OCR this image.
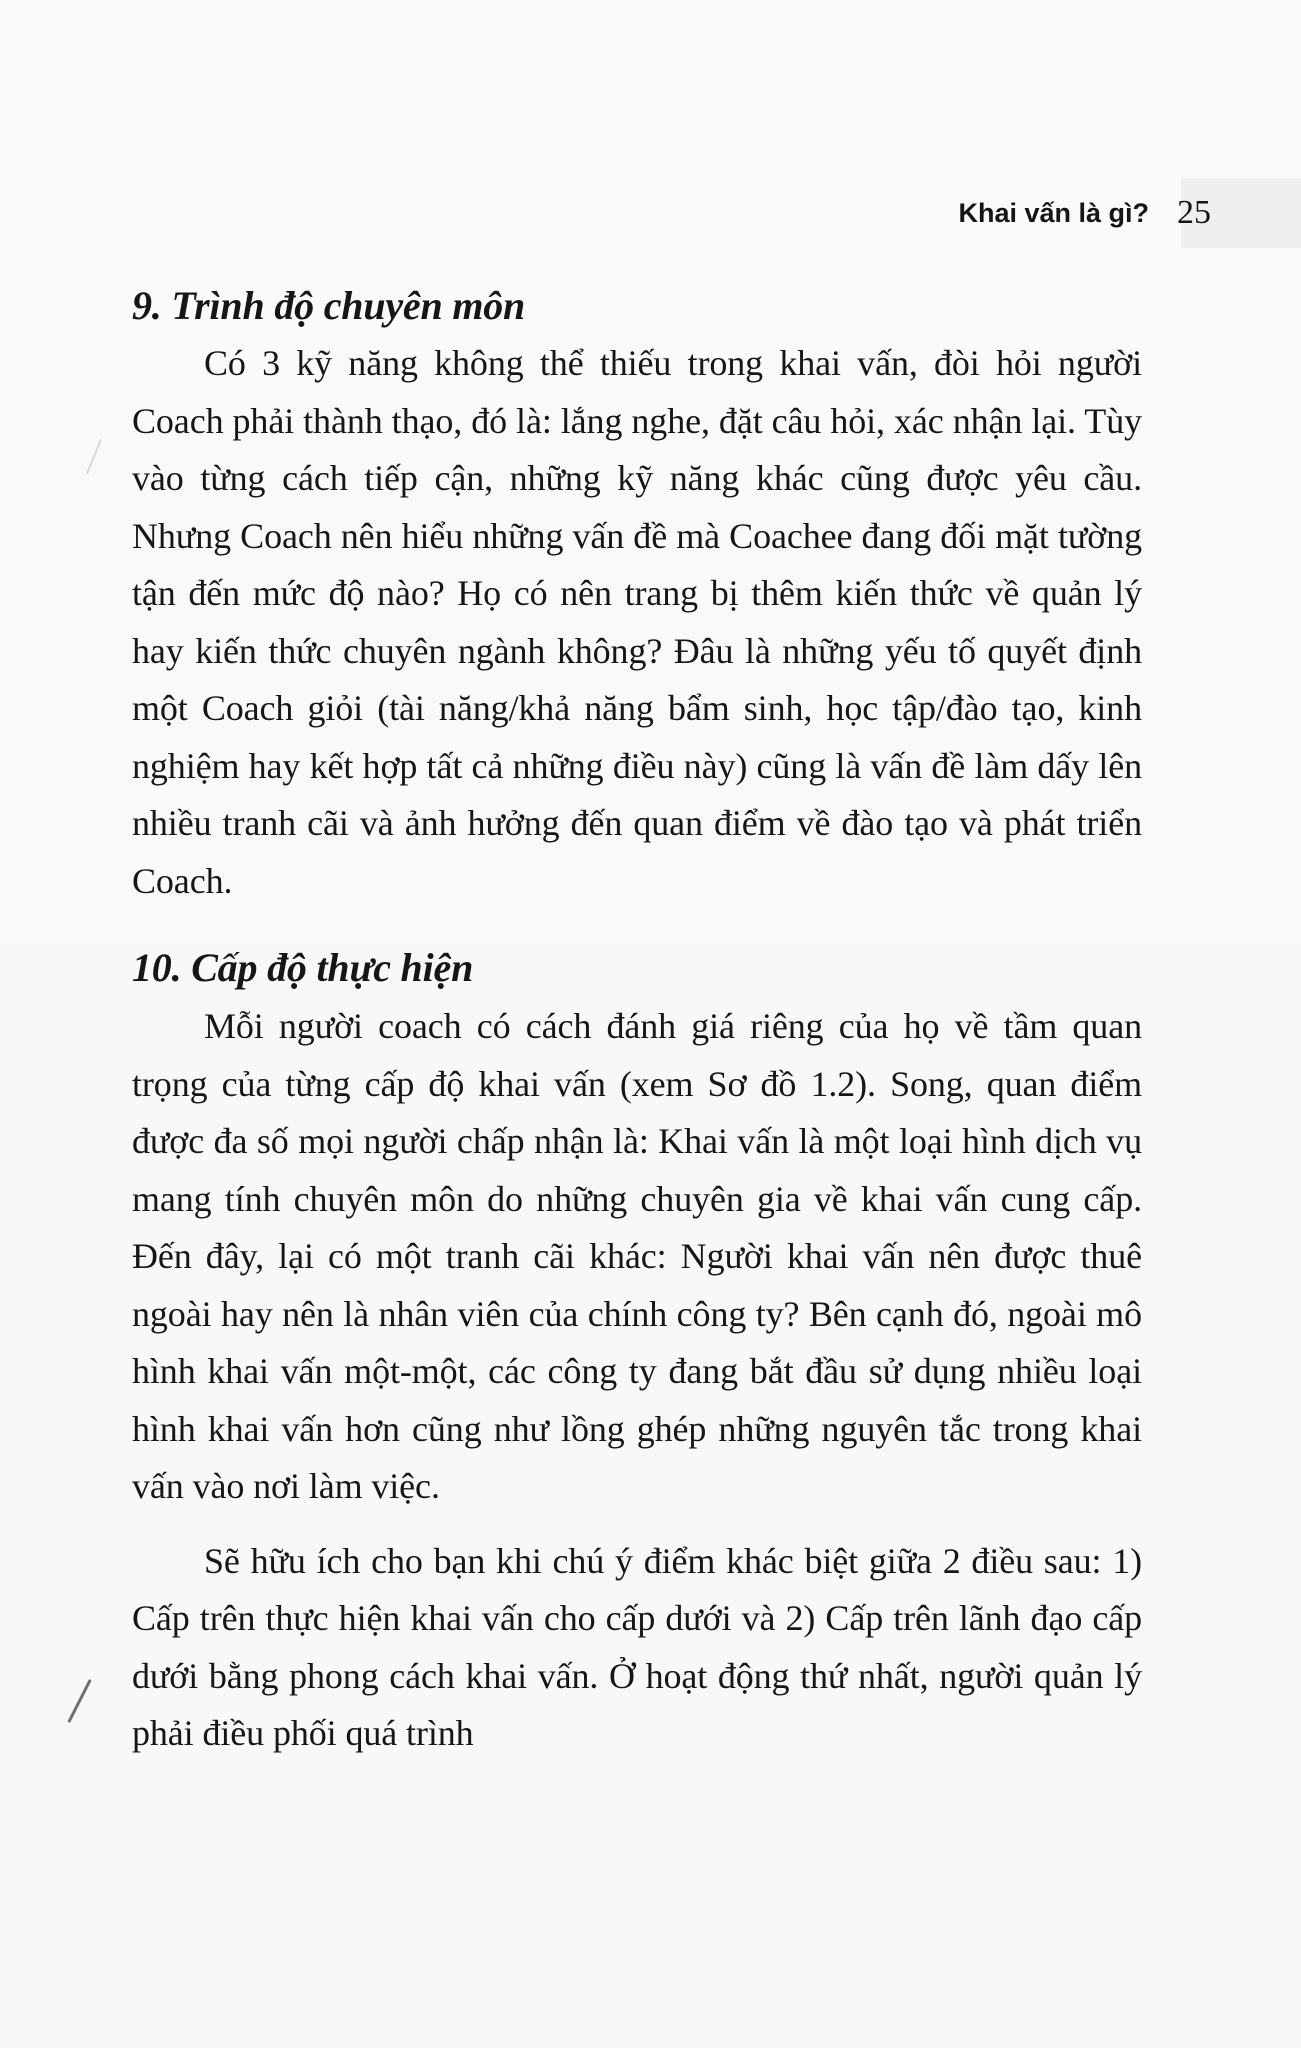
Khai vấn là gì? 25
9. Trình độ chuyên môn

Có 3 kỹ năng không thể thiếu trong khai vấn, đòi hỏi người Coach phải thành thạo, đó là: lắng nghe, đặt câu hỏi, xác nhận lại. Tùy vào từng cách tiếp cận, những kỹ năng khác cũng được yêu cầu. Nhưng Coach nên hiểu những vấn đề mà Coachee đang đối mặt tường tận đến mức độ nào? Họ có nên trang bị thêm kiến thức về quản lý hay kiến thức chuyên ngành không? Đâu là những yếu tố quyết định một Coach giỏi (tài năng/khả năng bẩm sinh, học tập/đào tạo, kinh nghiệm hay kết hợp tất cả những điều này) cũng là vấn đề làm dấy lên nhiều tranh cãi và ảnh hưởng đến quan điểm về đào tạo và phát triển Coach.

10. Cấp độ thực hiện

Mỗi người coach có cách đánh giá riêng của họ về tầm quan trọng của từng cấp độ khai vấn (xem Sơ đồ 1.2). Song, quan điểm được đa số mọi người chấp nhận là: Khai vấn là một loại hình dịch vụ mang tính chuyên môn do những chuyên gia về khai vấn cung cấp. Đến đây, lại có một tranh cãi khác: Người khai vấn nên được thuê ngoài hay nên là nhân viên của chính công ty? Bên cạnh đó, ngoài mô hình khai vấn một-một, các công ty đang bắt đầu sử dụng nhiều loại hình khai vấn hơn cũng như lồng ghép những nguyên tắc trong khai vấn vào nơi làm việc.

Sẽ hữu ích cho bạn khi chú ý điểm khác biệt giữa 2 điều sau: 1) Cấp trên thực hiện khai vấn cho cấp dưới và 2) Cấp trên lãnh đạo cấp dưới bằng phong cách khai vấn. Ở hoạt động thứ nhất, người quản lý phải điều phối quá trình
